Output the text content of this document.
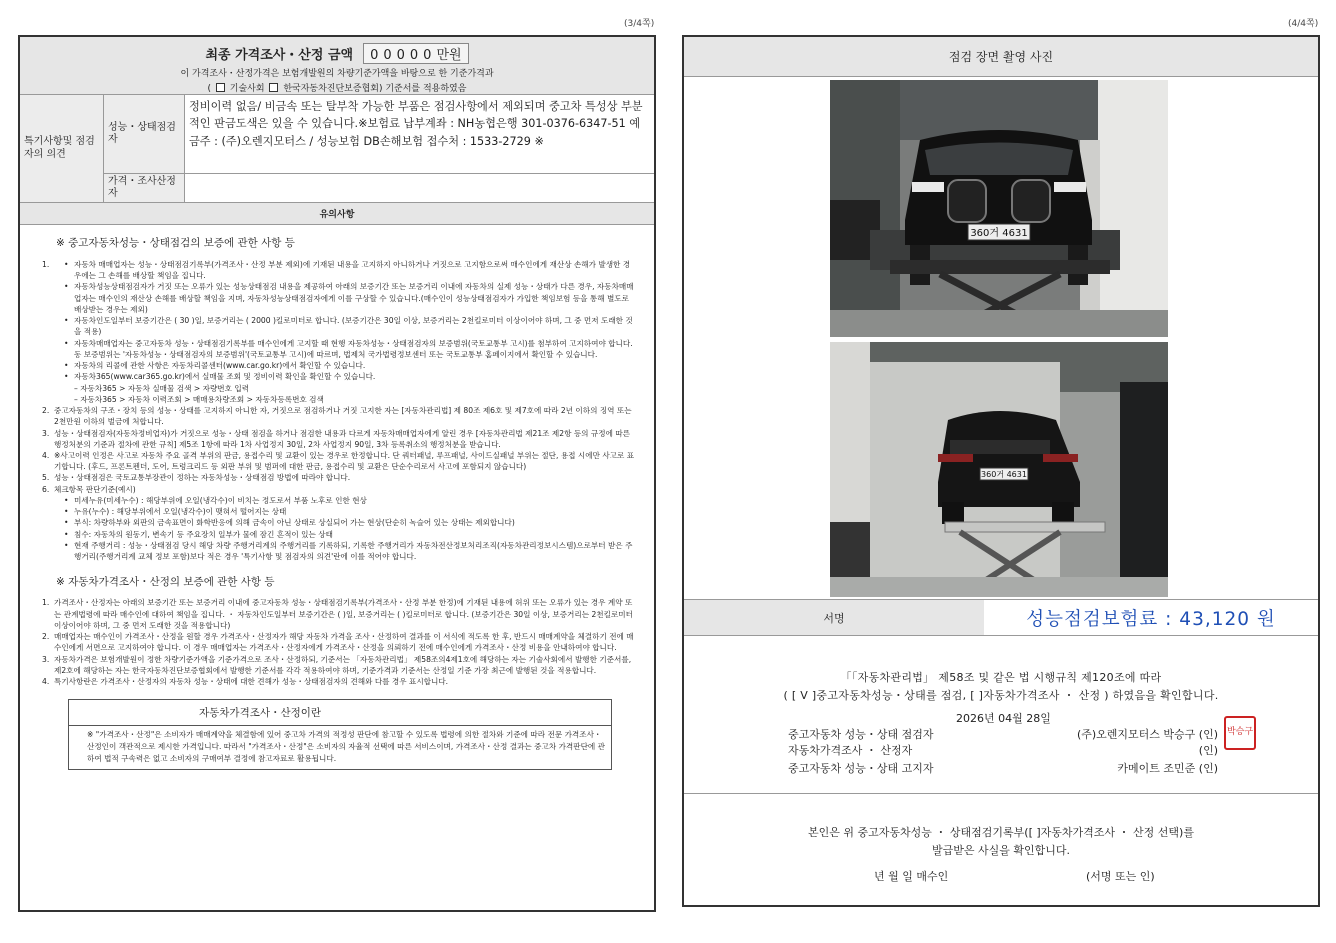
(3/4쪽)	(4/4쪽)
최종 가격조사・산정 금액	00000만원
이 가격조사・산정가격은 보험개발원의 차량기준가액을 바탕으로 한 기준가격과
( 기술사회 한국자동차진단보증협회) 기준서를 적용하였음
특기사항및 점검자의 의견
성능・상태점검자
정비이력 없음/ 비금속 또는 탈부착 가능한 부품은 점검사항에서 제외되며 중고차 특성상 부분적인 판금도색은 있을 수 있습니다.※보험료 납부계좌 : NH농협은행 301-0376-6347-51 예금주 : (주)오렌지모터스 / 성능보험 DB손해보험 접수처 : 1533-2729 ※
가격・조사산정자
유의사항
※ 중고자동차성능・상태점검의 보증에 관한 사항 등
1.
•	자동차 매매업자는 성능・상태점검기록부(가격조사・산정 부분 제외)에 기재된 내용을 고지하지 아니하거나 거짓으로 고지함으로써 매수인에게 재산상 손해가 발생한 경우에는 그 손해를 배상할 책임을 집니다.
• 자동차성능상태점검자가 거짓 또는 오류가 있는 성능상태점검 내용을 제공하여 아래의 보증기간 또는 보증거리 이내에 자동차의 실제 성능・상태가 다른 경우, 자동차매매업자는 매수인의 재산상 손해를 배상할 책임을 지며, 자동차성능상태점검자에게 이를 구상할 수 있습니다.(매수인이 성능상태점검자가 가입한 책임보험 등을 통해 별도로 배상받는 경우는 제외)
• 자동차인도일부터 보증기간은 ( 30 )일, 보증거리는 ( 2000 )킬로미터로 합니다. (보증기간은 30일 이상, 보증거리는 2천킬로미터 이상이어야 하며, 그 중 먼저 도래한 것을 적용)
• 자동차매매업자는 중고자동차 성능・상태점검기록부를 매수인에게 고지할 때 현행 자동차성능・상태점검자의 보증범위(국토교통부 고시)를 첨부하여 고지하여야 합니다. 동 보증범위는 '자동차성능・상태점검자의 보증범위'(국토교통부 고시)에 따르며, 법제처 국가법령정보센터 또는 국토교통부 홈페이지에서 확인할 수 있습니다.
• 자동차의 리콜에 관한 사항은 자동차리콜센터(www.car.go.kr)에서 확인할 수 있습니다.
• 자동차365(www.car365.go.kr)에서 실매물 조회 및 정비이력 확인을 확인할 수 있습니다.
– 자동차365 > 자동차 실매물 검색 > 자량번호 입력
– 자동차365 > 자동차 이력조회 > 매매용차량조회 > 자동차등록번호 검색
2. 중고자동차의 구조・장치 등의 성능・상태를 고지하지 아니한 자, 거짓으로 점검하거나 거짓 고지한 자는 [자동차관리법] 제 80조 제6호 및 제7호에 따라 2년 이하의 징역 또는 2천만원 이하의 벌금에 처합니다.
3. 성능・상태점검자(자동차정비업자)가 거짓으로 성능・상태 점검을 하거나 점검한 내용과 다르게 자동차매매업자에게 알린 경우 [자동차관리법 제21조 제2항 등의 규정에 따른 행정처분의 기준과 절차에 관한 규칙] 제5조 1항에 따라 1차 사업정지 30일, 2차 사업정지 90일, 3차 등록취소의 행정처분을 받습니다.
4. ※사고이력 인정은 사고로 자동차 주요 골격 부위의 판금, 용접수리 및 교환이 있는 경우로 한정합니다. 단 쿼터패널, 루프패널, 사이드실패널 부위는 절단, 용접 시에만 사고로 표기합니다. (후드, 프론트펜더, 도어, 트렁크리드 등 외판 부위 및 범퍼에 대한 판금, 용접수리 및 교환은 단순수리로서 사고에 포함되지 않습니다)
5. 성능・상태점검은 국토교통부장관이 정하는 자동차성능・상태점검 방법에 따라야 합니다.
6. 체크항목 판단기준(예시)
• 미세누유(미세누수) : 해당부위에 오일(냉각수)이 비치는 정도로서 부품 노후로 인한 현상
• 누유(누수) : 해당부위에서 오일(냉각수)이 맺혀서 떨어지는 상태
• 부식: 차량하부와 외판의 금속표면이 화학반응에 의해 금속이 아닌 상태로 상실되어 가는 현상(단순히 녹슬어 있는 상태는 제외합니다)
• 침수: 자동차의 원동기, 변속기 등 주요장치 일부가 물에 잠긴 흔적이 있는 상태
• 현재 주행거리 : 성능・상태점검 당시 해당 차량 주행거리계의 주행거리를 기록하되, 기록한 주행거리가 자동차전산정보처리조직(자동차관리정보시스템)으로부터 받은 주행거리(주행거리계 교체 정보 포함)보다 적은 경우 '특기사항 및 점검자의 의견'란에 이를 적어야 합니다.
※ 자동차가격조사・산정의 보증에 관한 사항 등
1. 가격조사・산정자는 아래의 보증기간 또는 보증거리 이내에 중고자동차 성능・상태점검기록부(가격조사・산정 부분 한정)에 기재된 내용에 허위 또는 오류가 있는 경우 계약 또는 관계법령에 따라 매수인에 대하여 책임을 집니다. ・ 자동차인도일부터 보증기간은 ( )일, 보증거리는 ( )킬로미터로 합니다. (보증기간은 30일 이상, 보증거리는 2천킬로미터 이상이어야 하며, 그 중 먼저 도래한 것을 적용합니다)
2. 매매업자는 매수인이 가격조사・산정을 원할 경우 가격조사・산정자가 해당 자동차 가격을 조사・산정하여 결과를 이 서식에 적도록 한 후, 반드시 매매계약을 체결하기 전에 매수인에게 서면으로 고지하여야 합니다. 이 경우 매매업자는 가격조사・산정자에게 가격조사・산정을 의뢰하기 전에 매수인에게 가격조사・산정 비용을 안내하여야 합니다.
3. 자동차가격은 보험개발원이 정한 차량기준가액을 기준가격으로 조사・산정하되, 기준서는 「자동차관리법」 제58조의4제1호에 해당하는 자는 기술사회에서 발행한 기준서를, 제2호에 해당하는 자는 한국자동차진단보증협회에서 발행한 기준서를 각각 적용하여야 하며, 기준가격과 기준서는 산정일 기준 가장 최근에 발행된 것을 적용합니다.
4. 특기사항란은 가격조사・산정자의 자동차 성능・상태에 대한 견해가 성능・상태점검자의 견해와 다를 경우 표시합니다.
자동차가격조사・산정이란
※ "가격조사・산정"은 소비자가 매매계약을 체결함에 있어 중고차 가격의 적정성 판단에 참고할 수 있도록 법령에 의한 절차와 기준에 따라 전문 가격조사・산정인이 객관적으로 제시한 가격입니다. 따라서 "가격조사・산정"은 소비자의 자율적 선택에 따른 서비스이며, 가격조사・산정 결과는 중고차 가격판단에 관하여 법적 구속력은 없고 소비자의 구매여부 결정에 참고자료로 활용됩니다.
점검 장면 촬영 사진
360거 4631
360거 4631
서명	성능점검보험료 : 43,120 원
「「자동차관리법」 제58조 및 같은 법 시행규칙 제120조에 따라
( [ V ]중고자동차성능・상태를 점검, [ ]자동차가격조사 ・ 산정 ) 하였음을 확인합니다.
2026년 04월 28일
중고자동차 성능・상태 점검자	(주)오렌지모터스 박승구 (인)
자동차가격조사 ・ 산정자	(인)
중고자동차 성능・상태 고지자	카메이트 조민준 (인)
박승구
본인은 위 중고자동차성능 ・ 상태점검기록부([ ]자동차가격조사 ・ 산정 선택)를
발급받은 사실을 확인합니다.
년 월 일 매수인	(서명 또는 인)
